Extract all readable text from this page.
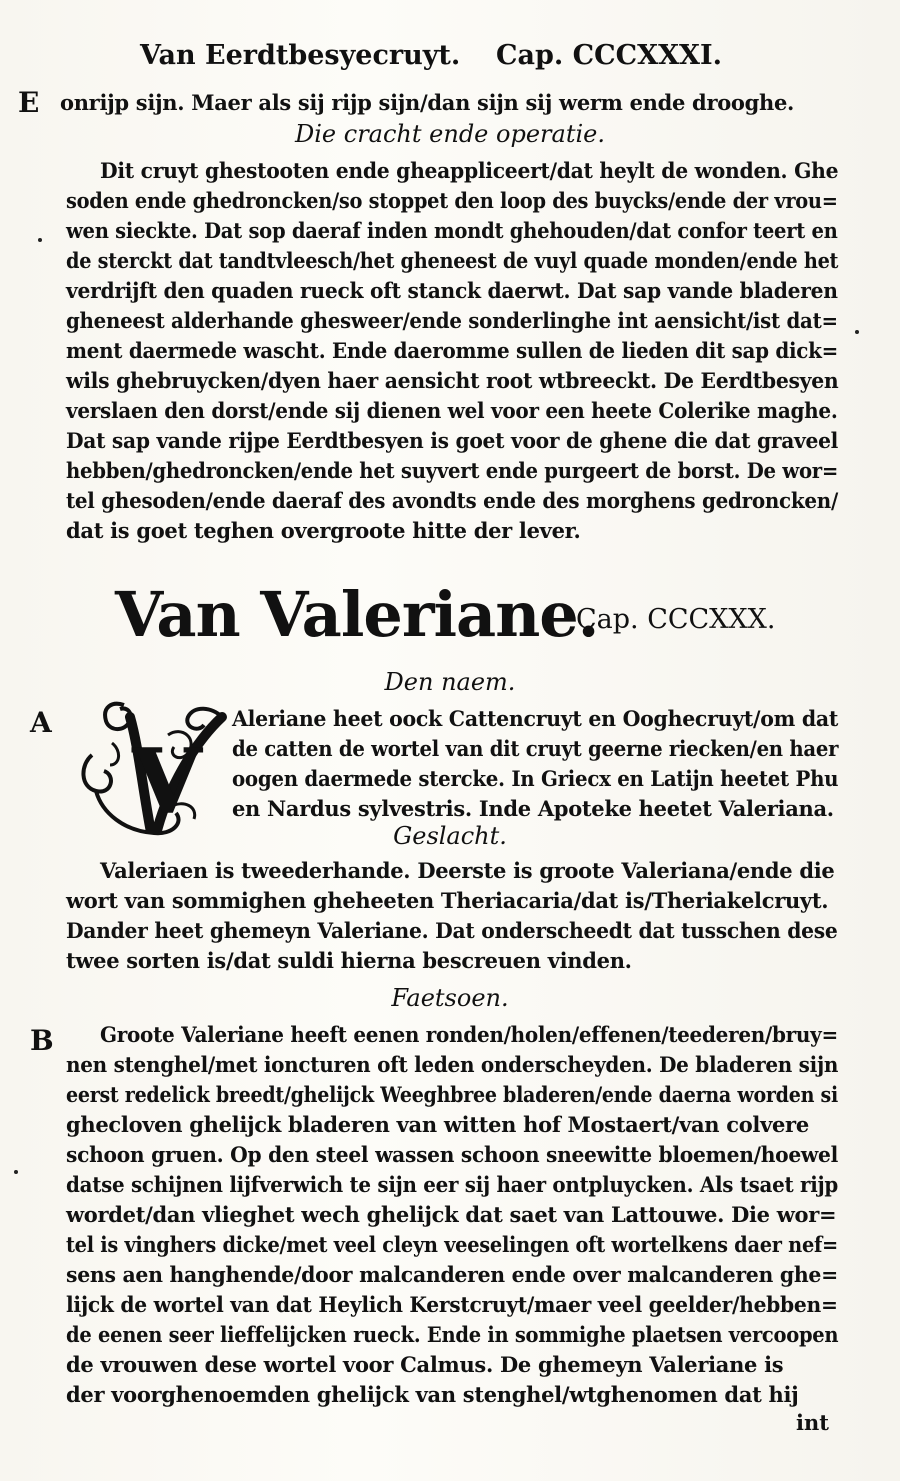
Van Eerdtbesyecruyt. Cap. CCCXXXI.
E onrijp sijn. Maer als sij rijp sijn/dan sijn sij werm ende drooghe.
Die cracht ende operatie.
Dit cruyt ghestooten ende gheappliceert/dat heylt de wonden. Ghe
soden ende ghedroncken/so stoppet den loop des buycks/ende der vrou=
wen sieckte. Dat sop daeraf inden mondt ghehouden/dat confor teert en
de sterckt dat tandtvleesch/het gheneest de vuyl quade monden/ende het
verdrijft den quaden rueck oft stanck daerwt. Dat sap vande bladeren
gheneest alderhande ghesweer/ende sonderlinghe int aensicht/ist dat=
ment daermede wascht. Ende daeromme sullen de lieden dit sap dick=
wils ghebruycken/dyen haer aensicht root wtbreeckt. De Eerdtbesyen
verslaen den dorst/ende sij dienen wel voor een heete Colerike maghe.
Dat sap vande rijpe Eerdtbesyen is goet voor de ghene die dat graveel
hebben/ghedroncken/ende het suyvert ende purgeert de borst. De wor=
tel ghesoden/ende daeraf des avondts ende des morghens gedroncken/
dat is goet teghen overgroote hitte der lever.
Van Valeriane.
Cap. CCCXXX.
Den naem.
A
V
Aleriane heet oock Cattencruyt en Ooghecruyt/om dat
de catten de wortel van dit cruyt geerne riecken/en haer
oogen daermede stercke. In Griecx en Latijn heetet Phu
en Nardus sylvestris. Inde Apoteke heetet Valeriana.
Geslacht.
Valeriaen is tweederhande. Deerste is groote Valeriana/ende die
wort van sommighen gheheeten Theriacaria/dat is/Theriakelcruyt.
Dander heet ghemeyn Valeriane. Dat onderscheedt dat tusschen dese
twee sorten is/dat suldi hierna bescreuen vinden.
Faetsoen.
B Groote Valeriane heeft eenen ronden/holen/effenen/teederen/bruy=
nen stenghel/met ioncturen oft leden onderscheyden. De bladeren sijn
eerst redelick breedt/ghelijck Weeghbree bladeren/ende daerna worden si
ghecloven ghelijck bladeren van witten hof Mostaert/van colvere
schoon gruen. Op den steel wassen schoon sneewitte bloemen/hoewel
datse schijnen lijfverwich te sijn eer sij haer ontpluycken. Als tsaet rijp
wordet/dan vlieghet wech ghelijck dat saet van Lattouwe. Die wor=
tel is vinghers dicke/met veel cleyn veeselingen oft wortelkens daer nef=
sens aen hanghende/door malcanderen ende over malcanderen ghe=
lijck de wortel van dat Heylich Kerstcruyt/maer veel geelder/hebben=
de eenen seer lieffelijcken rueck. Ende in sommighe plaetsen vercoopen
de vrouwen dese wortel voor Calmus. De ghemeyn Valeriane is
der voorghenoemden ghelijck van stenghel/wtghenomen dat hij
int
